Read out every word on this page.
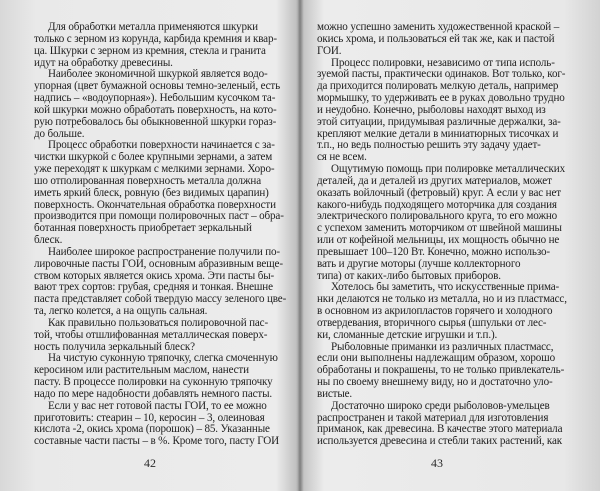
Для обработки металла применяются шкурки

только с зерном из корунда, карбида кремния и квар-

ца. Шкурки с зерном из кремния, стекла и гранита

идут на обработку древесины.

Наиболее экономичной шкуркой является водо-

упорная (цвет бумажной основы темно-зеленый, есть

надпись – «водоупорная»). Небольшим кусочком та-

кой шкурки можно обработать поверхность, на кото-

рую потребовалось бы обыкновенной шкурки гораз-

до больше.

Процесс обработки поверхности начинается с за-

чистки шкуркой с более крупными зернами, а затем

уже переходят к шкуркам с мелкими зернами. Хоро-

шо отполированная поверхность металла должна

иметь яркий блеск, ровную (без видимых царапин)

поверхность. Окончательная обработка поверхности

производится при помощи полировочных паст – обра-

ботанная поверхность приобретает зеркальный

блеск.

Наиболее широкое распространение получили по-

лировочные пасты ГОИ, основным абразивным веще-

ством которых является окись хрома. Эти пасты бы-

вают трех сортов: грубая, средняя и тонкая. Внешне

паста представляет собой твердую массу зеленого цве-

та, легко колется, а на ощупь сальная.

Как правильно пользоваться полировочной пас-

той, чтобы отшлифованная металлическая поверх-

ность получила зеркальный блеск?

На чистую суконную тряпочку, слегка смоченную

керосином или растительным маслом, нанести

пасту. В процессе полировки на суконную тряпочку

надо по мере надобности добавлять немного пасты.

Если у вас нет готовой пасты ГОИ, то ее можно

приготовить: стеарин – 10, керосин – 3, олеиновая

кислота -2, окись хрома (порошок) – 85. Указанные

составные части пасты – в %. Кроме того, пасту ГОИ

42

можно успешно заменить художественной краской –

окись хрома, и пользоваться ей так же, как и пастой

ГОИ.

Процесс полировки, независимо от типа исполь-

зуемой пасты, практически одинаков. Вот только, ког-

да приходится полировать мелкую деталь, например

мормышку, то удерживать ее в руках довольно трудно

и неудобно. Конечно, рыболовы находят выход из

этой ситуации, придумывая различные держалки, за-

крепляют мелкие детали в миниатюрных тисочках и

т.п., но ведь полностью решить эту задачу удает-

ся не всем.

Ощутимую помощь при полировке металлических

деталей, да и деталей из других материалов, может

оказать войлочный (фетровый) круг. А если у вас нет

какого-нибудь подходящего моторчика для создания

электрического полировального круга, то его можно

с успехом заменить моторчиком от швейной машины

или от кофейной мельницы, их мощность обычно не

превышает 100–120 Вт. Конечно, можно использо-

вать и другие моторы (лучше коллекторного

типа) от каких-либо бытовых приборов.

Хотелось бы заметить, что искусственные прима-

нки делаются не только из металла, но и из пластмасс,

в основном из акрилопластов горячего и холодного

отвердевания, вторичного сырья (шпульки от лес-

ки, сломанные детские игрушки и т.п.).

Рыболовные приманки из различных пластмасс,

если они выполнены надлежащим образом, хорошо

обработаны и покрашены, то не только привлекатель-

ны по своему внешнему виду, но и достаточно уло-

вистые.

Достаточно широко среди рыболовов-умельцев

распространен и такой материал для изготовления

приманок, как древесина. В качестве этого материала

используется древесина и стебли таких растений, как

43
